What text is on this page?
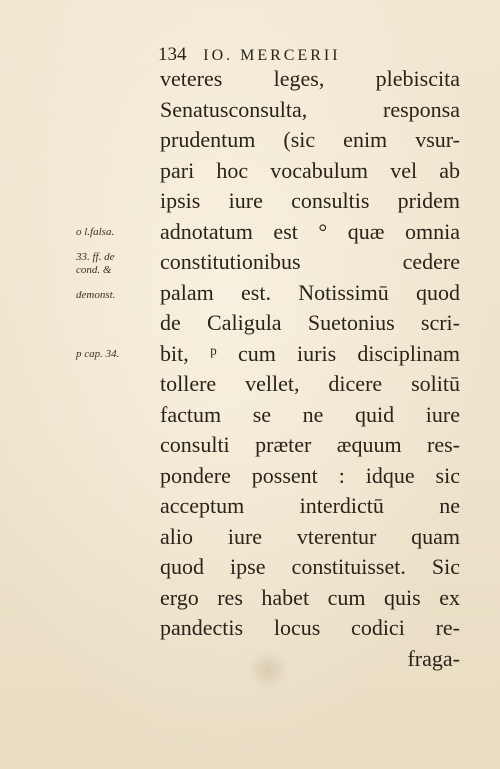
134 IO. MERCERII
veteres leges, plebiscita
Senatusconsulta, responsa
prudentum (sic enim vsur-
pari hoc vocabulum vel ab
ipsis iure consultis pridem
adnotatum est ° quæ omnia
constitutionibus cedere
palam est. Notissimū quod
de Caligula Suetonius scri-
bit, ᵖ cum iuris disciplinam
tollere vellet, dicere solitū
factum se ne quid iure
consulti præter æquum res-
pondere possent : idque sic
acceptum interdictū ne
alio iure vterentur quam
quod ipse constituisset. Sic
ergo res habet cum quis ex
pandectis locus codici re-
fraga-
o l.falsa.
33. ff. de
cond. &
demonst.
p cap. 34.
